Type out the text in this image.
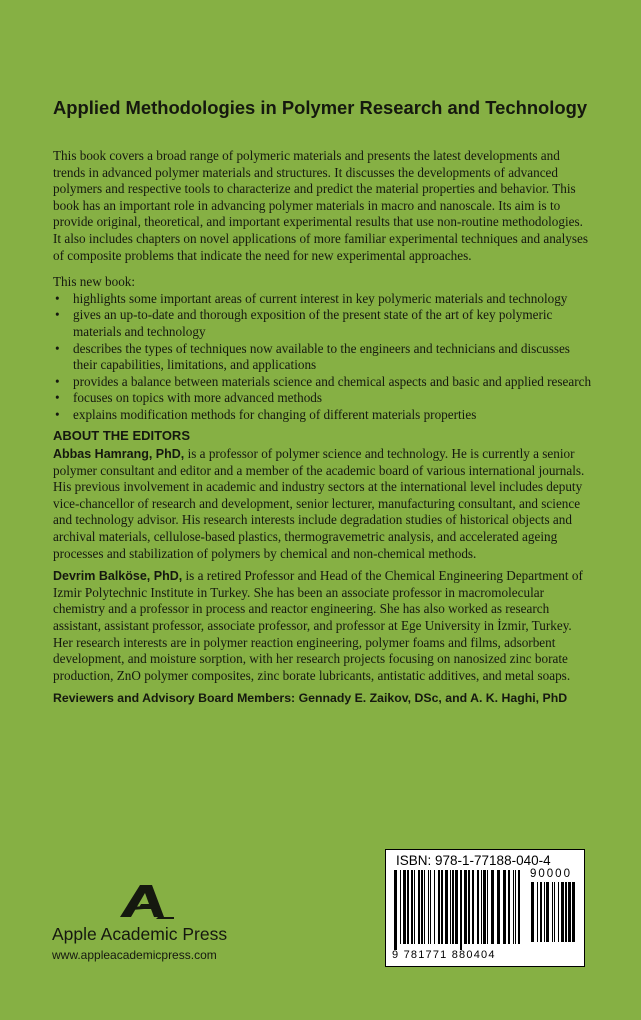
Applied Methodologies in Polymer Research and Technology

This book covers a broad range of polymeric materials and presents the latest developments and trends in advanced polymer materials and structures. It discusses the developments of advanced polymers and respective tools to characterize and predict the material properties and behavior. This book has an important role in advancing polymer materials in macro and nanoscale. Its aim is to provide original, theoretical, and important experimental results that use non-routine methodologies. It also includes chapters on novel applications of more familiar experimental techniques and analyses of composite problems that indicate the need for new experimental approaches.

This new book:

• highlights some important areas of current interest in key polymeric materials and technology
• gives an up-to-date and thorough exposition of the present state of the art of key polymeric materials and technology
• describes the types of techniques now available to the engineers and technicians and discusses their capabilities, limitations, and applications
• provides a balance between materials science and chemical aspects and basic and applied research
• focuses on topics with more advanced methods
• explains modification methods for changing of different materials properties

ABOUT THE EDITORS

Abbas Hamrang, PhD, is a professor of polymer science and technology. He is currently a senior polymer consultant and editor and a member of the academic board of various international journals. His previous involvement in academic and industry sectors at the international level includes deputy vice-chancellor of research and development, senior lecturer, manufacturing consultant, and science and technology advisor. His research interests include degradation studies of historical objects and archival materials, cellulose-based plastics, thermogravemetric analysis, and accelerated ageing processes and stabilization of polymers by chemical and non-chemical methods.

Devrim Balköse, PhD, is a retired Professor and Head of the Chemical Engineering Department of Izmir Polytechnic Institute in Turkey. She has been an associate professor in macromolecular chemistry and a professor in process and reactor engineering. She has also worked as research assistant, assistant professor, associate professor, and professor at Ege University in İzmir, Turkey. Her research interests are in polymer reaction engineering, polymer foams and films, adsorbent development, and moisture sorption, with her research projects focusing on nanosized zinc borate production, ZnO polymer composites, zinc borate lubricants, antistatic additives, and metal soaps.

Reviewers and Advisory Board Members: Gennady E. Zaikov, DSc, and A. K. Haghi, PhD

Apple Academic Press
www.appleacademicpress.com
ISBN: 978-1-77188-040-4
90000
9 781771 880404
